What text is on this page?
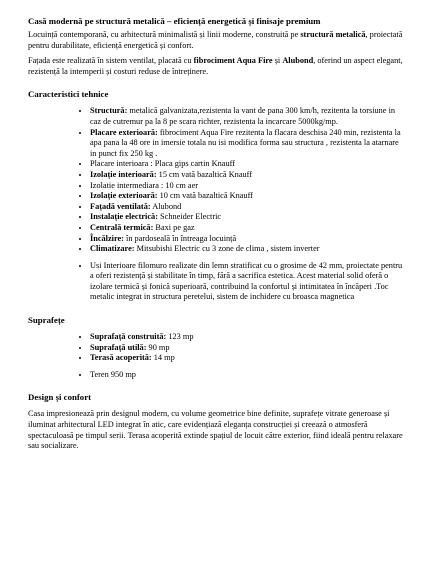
Casă modernă pe structură metalică – eficiență energetică și finisaje premium

Locuință contemporană, cu arhitectură minimalistă și linii moderne, construită pe structură metalică, proiectată pentru durabilitate, eficiență energetică și confort.

Fațada este realizată în sistem ventilat, placată cu fibrociment Aqua Fire și Alubond, oferind un aspect elegant, rezistență la intemperii și costuri reduse de întreținere.

Caracteristici tehnice
• Structură: metalică galvanizata,rezistenta la vant de pana 300 km/h, rezitenta la torsiune in caz de cutremur pa la 8 pe scara richter, rezistenta la incarcare 5000kg/mp.
• Placare exterioară: fibrociment Aqua Fire rezitenta la flacara deschisa 240 min, rezistenta la apa pana la 48 ore in imersie totala nu isi modifica forma sau structura , rezistenta la atarnare in punct fix 250 kg .
• Placare interioara : Placa gips cartin Knauff
• Izolație interioară: 15 cm vată bazaltică Knauff
• Izolatie intermediara : 10 cm aer
• Izolație exterioară: 10 cm vată bazaltică Knauff
• Fațadă ventilată: Alubond
• Instalație electrică: Schneider Electric
• Centrală termică: Baxi pe gaz
• Încălzire: în pardoseală în întreaga locuință
• Climatizare: Mitsubishi Electric cu 3 zone de clima , sistem inverter
• Usi Interioare filomuro realizate din lemn stratificat cu o grosime de 42 mm, proiectate pentru a oferi rezistență și stabilitate în timp, fără a sacrifica estetica. Acest material solid oferă o izolare termică și fonică superioară, contribuind la confortul și intimitatea în încăperi .Toc metalic integrat in structura peretelui, sistem de inchidere cu broasca magnetica
Suprafețe
• Suprafață construită: 123 mp
• Suprafață utilă: 90 mp
• Terasă acoperită: 14 mp
• Teren 950 mp
Design și confort

Casa impresionează prin designul modern, cu volume geometrice bine definite, suprafețe vitrate generoase și iluminat arhitectural LED integrat în atic, care evidențiază eleganța construcției și creează o atmosferă spectaculoasă pe timpul serii. Terasa acoperită extinde spațiul de locuit către exterior, fiind ideală pentru relaxare sau socializare.
